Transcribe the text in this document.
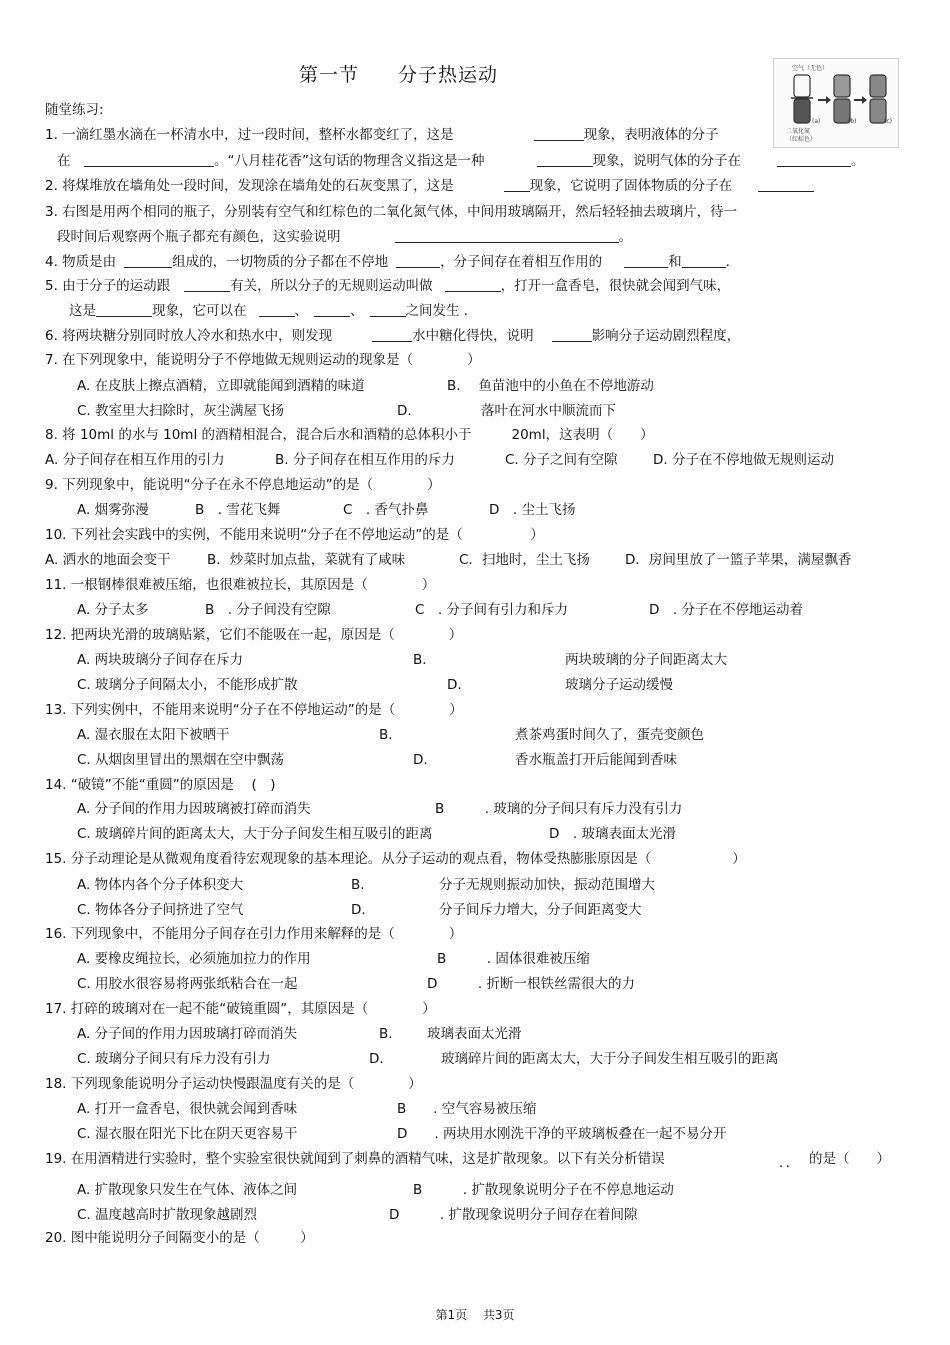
第一节 分子热运动	空气（无色）
二氧化氮
（红棕色）
(a)	(b)	(c)
随堂练习:
1. 一滴红墨水滴在一杯清水中，过一段时间，整杯水都变红了，这是	现象，表明液体的分子
在　	。“八月桂花香”这句话的物理含义指这是一种	现象，说明气体的分子在	。
2. 将煤堆放在墙角处一段时间，发现涂在墙角处的石灰变黑了，这是	现象，它说明了固体物质的分子在
3. 右图是用两个相同的瓶子，分别装有空气和红棕色的二氧化氮气体，中间用玻璃隔开，然后轻轻抽去玻璃片，待一
段时间后观察两个瓶子都充有颜色，这实验说明	。
4. 物质是由	组成的，一切物质的分子都在不停地	，分子间存在着相互作用的	和	.
5. 由于分子的运动跟	有关，所以分子的无规则运动叫做	，打开一盒香皂，很快就会闻到气味，
这是	现象，它可以在	、	、	之间发生 ．
6. 将两块糖分别同时放人冷水和热水中，则发现	水中糖化得快，说明	影响分子运动剧烈程度，
7. 在下列现象中，能说明分子不停地做无规则运动的现象是（　　　　）
A. 在皮肤上擦点酒精，立即就能闻到酒精的味道	B.　 鱼苗池中的小鱼在不停地游动
C. 教室里大扫除时，灰尘满屋飞扬	D.	落叶在河水中顺流而下
8. 将 10ml 的水与 10ml 的酒精相混合，混合后水和酒精的总体积小于	20ml，这表明（　　）
A. 分子间存在相互作用的引力	B. 分子间存在相互作用的斥力	C. 分子之间有空隙	D. 分子在不停地做无规则运动
9. 下列现象中，能说明“分子在永不停息地运动”的是（　　　　）
A. 烟雾弥漫	B　. 雪花飞舞	C　. 香气扑鼻	D　. 尘土飞扬
10. 下列社会实践中的实例，不能用来说明“分子在不停地运动”的是（　　　　　）
A. 洒水的地面会变干	B．炒菜时加点盐，菜就有了咸味	C．扫地时，尘土飞扬	D．房间里放了一篮子苹果，满屋飘香
11. 一根钢棒很难被压缩，也很难被拉长，其原因是（　　　　）
A. 分子太多	B　. 分子间没有空隙	C　. 分子间有引力和斥力	D　. 分子在不停地运动着
12. 把两块光滑的玻璃贴紧，它们不能吸在一起，原因是（　　　　）
A. 两块玻璃分子间存在斥力	B.	两块玻璃的分子间距离太大
C. 玻璃分子间隔太小，不能形成扩散	D.	玻璃分子运动缓慢
13. 下列实例中，不能用来说明“分子在不停地运动”的是（　　　　）
A. 湿衣服在太阳下被晒干	B.	煮茶鸡蛋时间久了，蛋壳变颜色
C. 从烟囱里冒出的黑烟在空中飘荡	D.	香水瓶盖打开后能闻到香味
14. “破镜”不能“重圆”的原因是　 (　)
A. 分子间的作用力因玻璃被打碎而消失	B　　　. 玻璃的分子间只有斥力没有引力
C. 玻璃碎片间的距离太大，大于分子间发生相互吸引的距离	D　. 玻璃表面太光滑
15. 分子动理论是从微观角度看待宏观现象的基本理论。从分子运动的观点看，物体受热膨胀原因是（　　　　　　）
A. 物体内各个分子体积变大	B.	分子无规则振动加快，振动范围增大
C. 物体各分子间挤进了空气	D.	分子间斥力增大，分子间距离变大
16. 下列现象中，不能用分子间存在引力作用来解释的是（　　　　）
A. 要橡皮绳拉长，必须施加拉力的作用	B　　　. 固体很难被压缩
C. 用胶水很容易将两张纸粘合在一起	D　　　. 折断一根铁丝需很大的力
17. 打碎的玻璃对在一起不能“破镜重圆”，其原因是（　　　　）
A. 分子间的作用力因玻璃打碎而消失	B.	玻璃表面太光滑
C. 玻璃分子间只有斥力没有引力	D.	玻璃碎片间的距离太大，大于分子间发生相互吸引的距离
18. 下列现象能说明分子运动快慢跟温度有关的是（　　　　）
A. 打开一盒香皂，很快就会闻到香味	B　　. 空气容易被压缩
C. 湿衣服在阳光下比在阴天更容易干	D　　. 两块用水刚洗干净的平玻璃板叠在一起不易分开
19. 在用酒精进行实验时，整个实验室很快就闻到了刺鼻的酒精气味，这是扩散现象。以下有关分析错误	．． 的是（　　）
A. 扩散现象只发生在气体、液体之间	B　　　. 扩散现象说明分子在不停息地运动
C. 温度越高时扩散现象越剧烈	D　　　. 扩散现象说明分子间存在着间隙
20. 图中能说明分子间隔变小的是（　　　）
第1页 共3页
